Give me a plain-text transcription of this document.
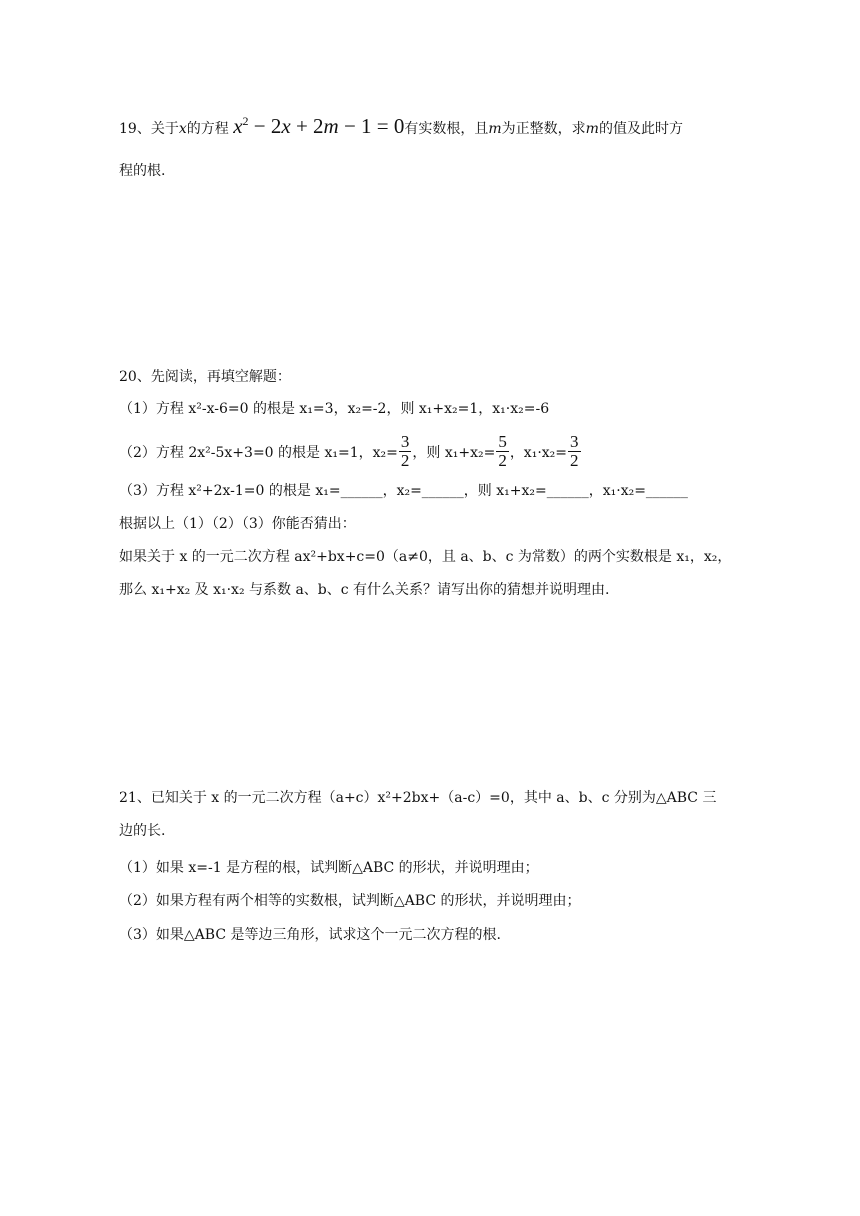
19、关于x的方程 $x^2 - 2x + 2m - 1 = 0$有实数根，且m为正整数，求m的值及此时方
程的根.
20、先阅读，再填空解题：
（1）方程 x²-x-6=0 的根是 x₁=3，x₂=-2，则 x₁+x₂=1，x₁·x₂=-6
（2）方程 2x²-5x+3=0 的根是 x₁=1，$x_2= \frac{3}{2}$ ，则 $x_1+x_2= \frac{5}{2}$ ，$x_1\cdot x_2= \frac{3}{2}$
（3）方程 x²+2x-1=0 的根是 x₁=______，x₂=______，则 x₁+x₂=______，x₁·x₂=______
根据以上（1）（2）（3）你能否猜出：
如果关于 x 的一元二次方程 ax²+bx+c=0（a≠0，且 a、b、c 为常数）的两个实数根是 x₁，x₂，
那么 x₁+x₂ 及 x₁·x₂ 与系数 a、b、c 有什么关系？请写出你的猜想并说明理由.
21、已知关于 x 的一元二次方程（a+c）x²+2bx+（a-c）=0，其中 a、b、c 分别为△ABC 三
边的长.
（1）如果 x=-1 是方程的根，试判断△ABC 的形状，并说明理由；
（2）如果方程有两个相等的实数根，试判断△ABC 的形状，并说明理由；
（3）如果△ABC 是等边三角形，试求这个一元二次方程的根.
